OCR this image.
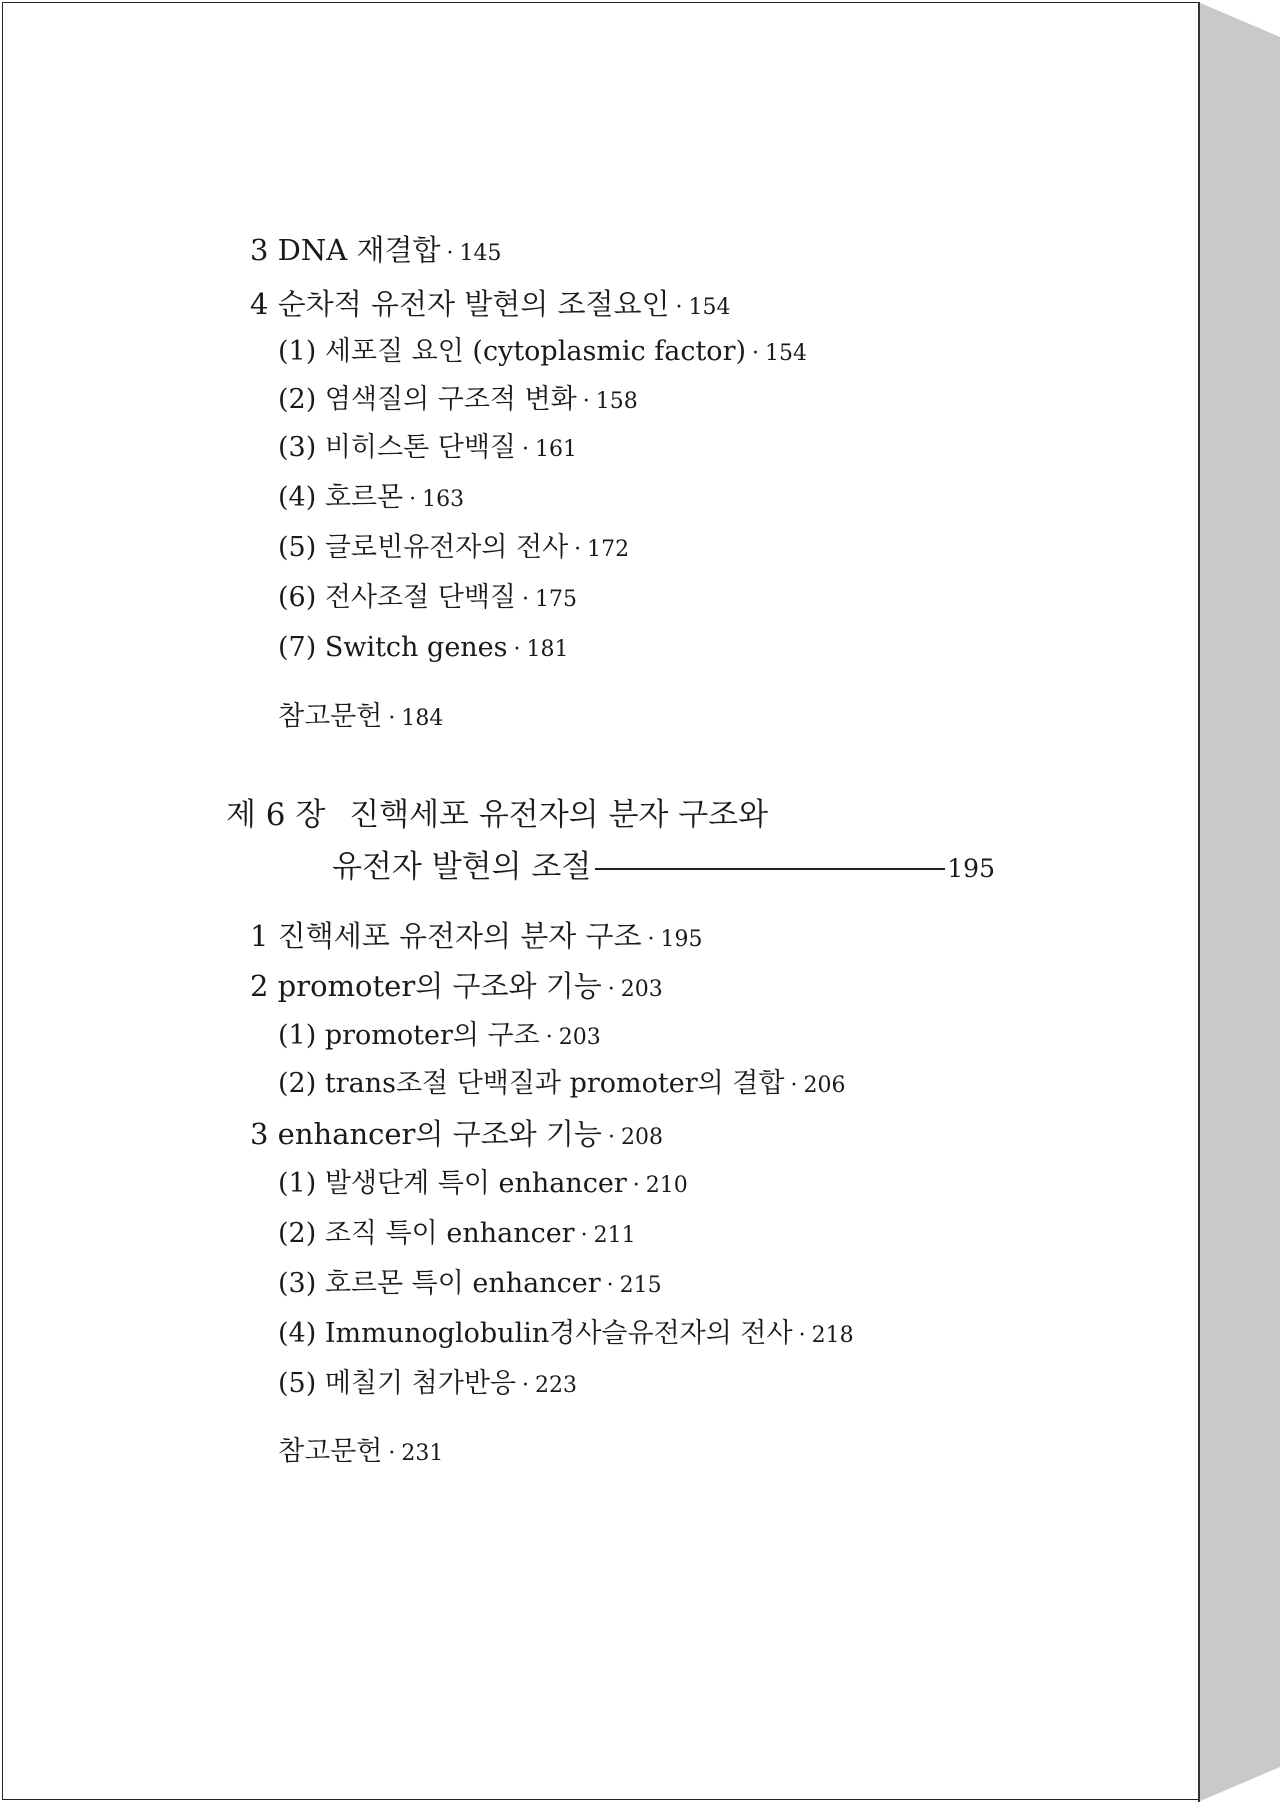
3 DNA 재결합 · 145
4 순차적 유전자 발현의 조절요인 · 154
(1) 세포질 요인 (cytoplasmic factor) · 154
(2) 염색질의 구조적 변화 · 158
(3) 비히스톤 단백질 · 161
(4) 호르몬 · 163
(5) 글로빈유전자의 전사 · 172
(6) 전사조절 단백질 · 175
(7) Switch genes · 181
참고문헌 · 184
제 6 장 진핵세포 유전자의 분자 구조와
유전자 발현의 조절	195
1 진핵세포 유전자의 분자 구조 · 195
2 promoter의 구조와 기능 · 203
(1) promoter의 구조 · 203
(2) trans조절 단백질과 promoter의 결합 · 206
3 enhancer의 구조와 기능 · 208
(1) 발생단계 특이 enhancer · 210
(2) 조직 특이 enhancer · 211
(3) 호르몬 특이 enhancer · 215
(4) Immunoglobulin경사슬유전자의 전사 · 218
(5) 메칠기 첨가반응 · 223
참고문헌 · 231
